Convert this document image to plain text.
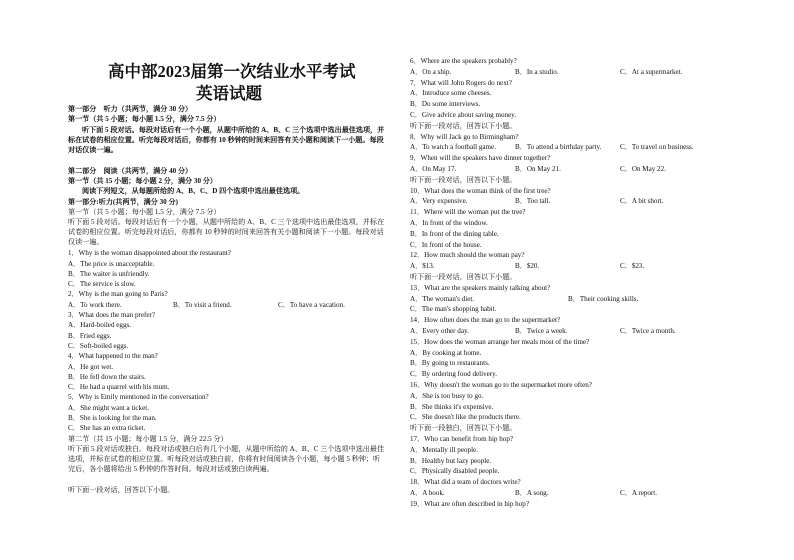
高中部2023届第一次结业水平考试
英语试题
第一部分　听力（共两节，满分 30 分）
第一节（共 5 小题；每小题 1.5 分，满分 7.5 分）
听下面 5 段对话。每段对话后有一个小题，从题中所给的 A、B、C 三个选项中选出最佳选项，并标在试卷的相应位置。听完每段对话后，你都有 10 秒钟的时间来回答有关小题和阅读下一小题。每段对话仅读一遍。
第二部分　阅读（共两节，满分 40 分）
第一节（共 15 小题；每小题 2 分，满分 30 分）
阅读下列短文，从每题所给的 A、B、C、D 四个选项中选出最佳选项。
第一部分:听力(共两节，满分 30 分)
第一节（共 5 小题；每小题 1.5 分，满分 7.5 分）
听下面 5 段对话。每段对话后有一个小题，从题中所给的 A、B、C 三个选项中选出最佳选项，并标在试卷的相应位置。听完每段对话后，你都有 10 秒钟的时间来回答有关小题和阅读下一小题。每段对话仅读一遍。
1．Why is the woman disappointed about the restaurant?
A．The price is unacceptable.
B．The waiter is unfriendly.
C．The service is slow.
2．Why is the man going to Paris?
A．To work there.	B．To visit a friend.	C．To have a vacation.
3．What does the man prefer?
A．Hard-boiled eggs.
B．Fried eggs.
C．Soft-boiled eggs.
4．What happened to the man?
A．He got wet.
B．He fell down the stairs.
C．He had a quarrel with his mum.
5．Why is Emily mentioned in the conversation?
A．She might want a ticket.
B．She is looking for the man.
C．She has an extra ticket.
第二节（共 15 小题；每小题 1.5 分，满分 22.5 分）
听下面 5 段对话或独白。每段对话或独白后有几个小题，从题中所给的 A、B、C 三个选项中选出最佳选项，并标在试卷的相应位置。听每段对话或独白前，你将有时间阅读各个小题，每小题 5 秒钟；听完后，各小题将给出 5 秒钟的作答时间。每段对话或独白读两遍。
听下面一段对话，回答以下小题。
6．Where are the speakers probably?
A．On a ship.	B．In a studio.	C．At a supermarket.
7．What will John Rogers do next?
A．Introduce some cheeses.
B．Do some interviews.
C．Give advice about saving money.
听下面一段对话，回答以下小题。
8．Why will Jack go to Birmingham?
A．To watch a football game.	B．To attend a birthday party.	C．To travel on business.
9．When will the speakers have dinner together?
A．On May 17.	B．On May 21.	C．On May 22.
听下面一段对话，回答以下小题。
10．What does the woman think of the first tree?
A．Very expensive.	B．Too tall.	C．A bit short.
11．Where will the woman put the tree?
A．In front of the window.
B．In front of the dining table.
C．In front of the house.
12．How much should the woman pay?
A．$13.	B．$20.	C．$23.
听下面一段对话，回答以下小题。
13．What are the speakers mainly talking about?
A．The woman's diet.	B．Their cooking skills.
C．The man's shopping habit.
14．How often does the man go to the supermarket?
A．Every other day.	B．Twice a week.	C．Twice a month.
15．How does the woman arrange her meals most of the time?
A．By cooking at home.
B．By going to restaurants.
C．By ordering food delivery.
16．Why doesn't the woman go to the supermarket more often?
A．She is too busy to go.
B．She thinks it's expensive.
C．She doesn't like the products there.
听下面一段独白，回答以下小题。
17．Who can benefit from hip hop?
A．Mentally ill people.
B．Healthy but lazy people.
C．Physically disabled people.
18．What did a team of doctors write?
A．A book.	B．A song.	C．A report.
19．What are often described in hip hop?
